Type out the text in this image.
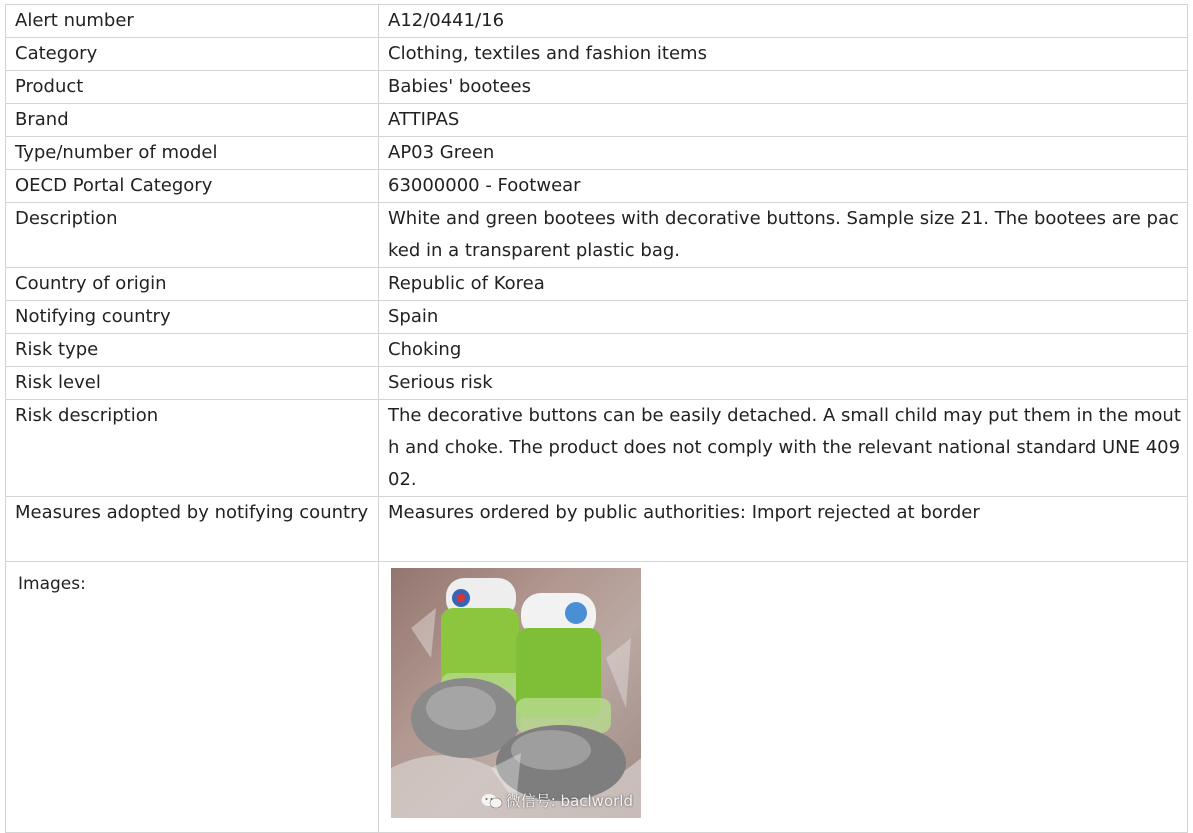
Alert number	A12/0441/16
Category	Clothing, textiles and fashion items
Product	Babies' bootees
Brand	ATTIPAS
Type/number of model	AP03 Green
OECD Portal Category	63000000 - Footwear
Description	White and green bootees with decorative buttons. Sample size 21. The bootees are packed in a transparent plastic bag.
Country of origin	Republic of Korea
Notifying country	Spain
Risk type	Choking
Risk level	Serious risk
Risk description	The decorative buttons can be easily detached. A small child may put them in the mouth and choke. The product does not comply with the relevant national standard UNE 40902.
Measures adopted by notifying country	Measures ordered by public authorities: Import rejected at border

Images:	微信号: baclworld
